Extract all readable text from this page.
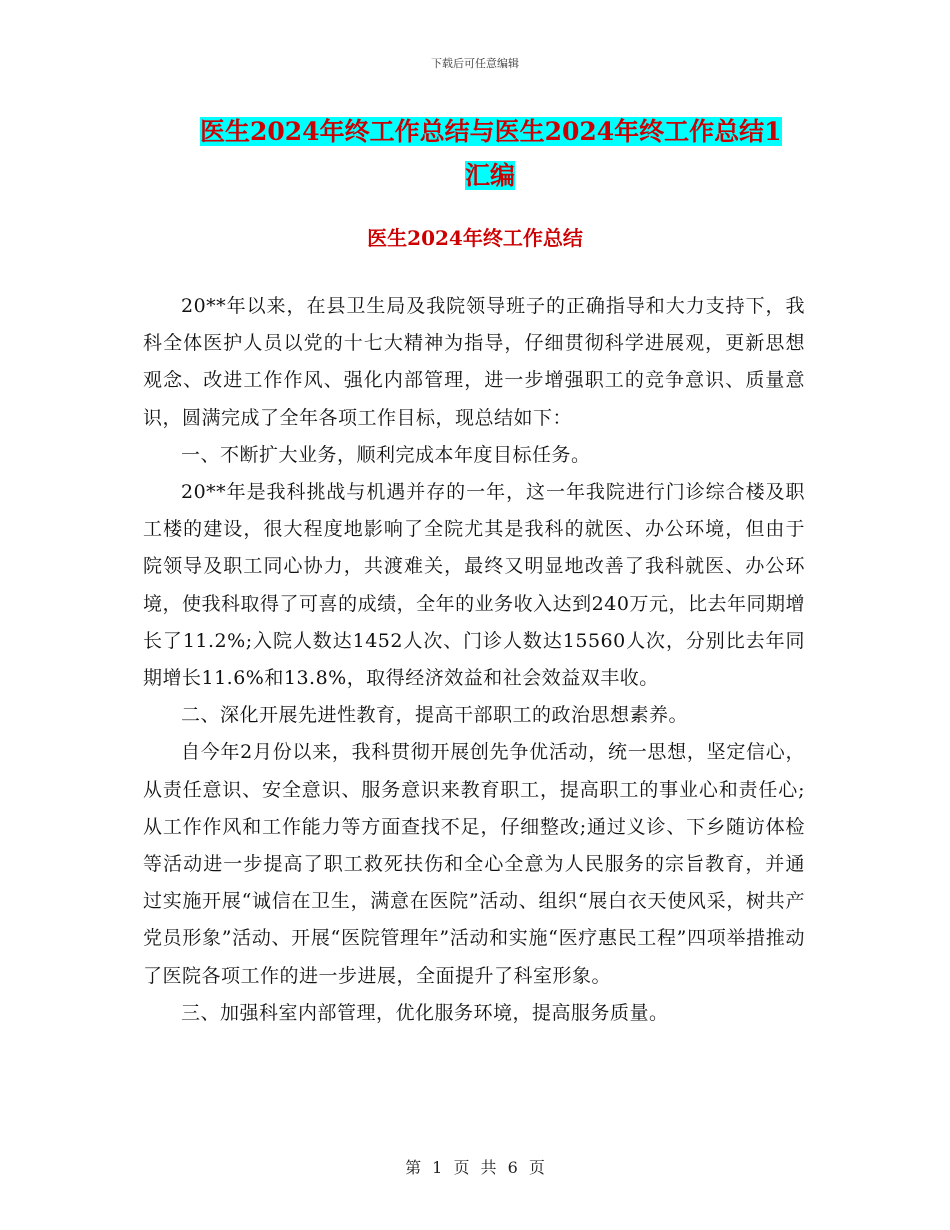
下载后可任意编辑
医生2024年终工作总结与医生2024年终工作总结1
汇编
医生2024年终工作总结

20**年以来，在县卫生局及我院领导班子的正确指导和大力支持下，我科全体医护人员以党的十七大精神为指导，仔细贯彻科学进展观，更新思想观念、改进工作作风、强化内部管理，进一步增强职工的竞争意识、质量意识，圆满完成了全年各项工作目标，现总结如下：

一、不断扩大业务，顺利完成本年度目标任务。

20**年是我科挑战与机遇并存的一年，这一年我院进行门诊综合楼及职工楼的建设，很大程度地影响了全院尤其是我科的就医、办公环境，但由于院领导及职工同心协力，共渡难关，最终又明显地改善了我科就医、办公环境，使我科取得了可喜的成绩，全年的业务收入达到240万元，比去年同期增长了11.2%;入院人数达1452人次、门诊人数达15560人次，分别比去年同期增长11.6%和13.8%，取得经济效益和社会效益双丰收。

二、深化开展先进性教育，提高干部职工的政治思想素养。

自今年2月份以来，我科贯彻开展创先争优活动，统一思想，坚定信心，从责任意识、安全意识、服务意识来教育职工，提高职工的事业心和责任心;从工作作风和工作能力等方面查找不足，仔细整改;通过义诊、下乡随访体检等活动进一步提高了职工救死扶伤和全心全意为人民服务的宗旨教育，并通过实施开展“诚信在卫生，满意在医院”活动、组织“展白衣天使风采，树共产党员形象”活动、开展“医院管理年”活动和实施“医疗惠民工程”四项举措推动了医院各项工作的进一步进展，全面提升了科室形象。

三、加强科室内部管理，优化服务环境，提高服务质量。

第 1 页 共 6 页
